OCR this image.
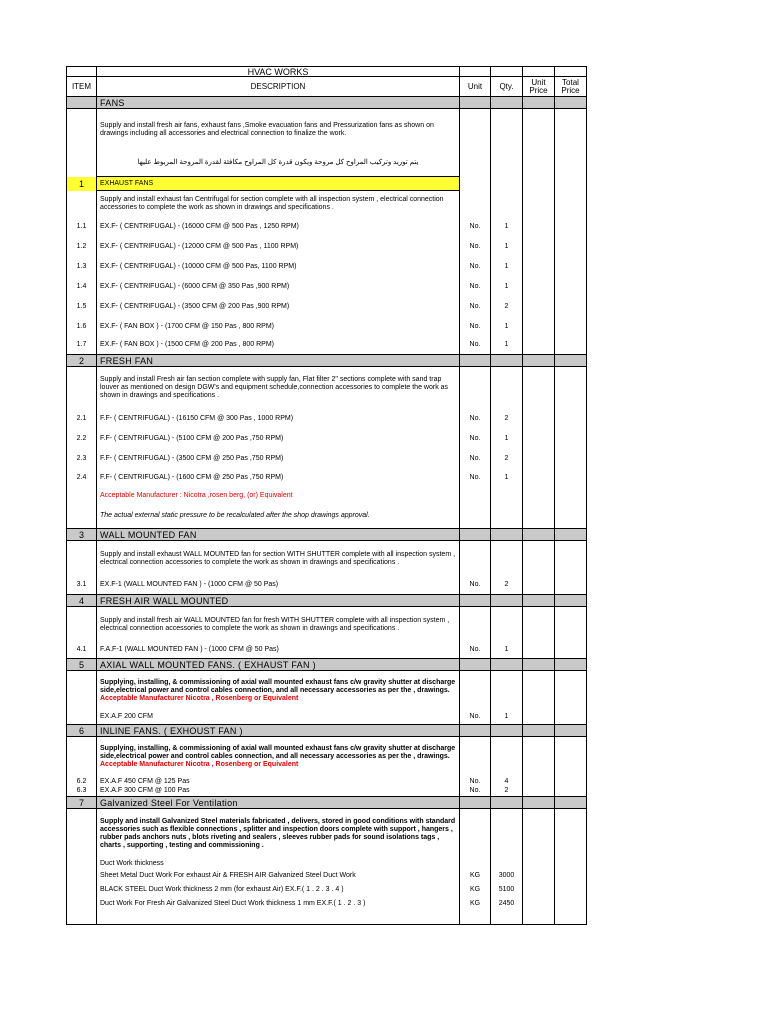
	HVAC WORKS				
ITEM	DESCRIPTION	Unit	Qty.	Unit Price	Total Price
	FANS				
	Supply and install fresh air fans, exhaust fans ,Smoke evacuation fans and Pressurization fans as shown on drawings including all accessories and electrical connection to finalize the work.				
	يتم توريد وتركيب المراوح كل مروحة ويكون قدرة كل المراوح مكافئة لقدرة المروحة المربوط عليها				
1	EXHAUST FANS				
	Supply and install exhaust fan Centrifugal for section complete with all inspection system , electrical connection accessories to complete the work as shown in drawings and specifications .				
1.1	EX.F- ( CENTRIFUGAL) - (16000 CFM @ 500 Pas , 1250 RPM)	No.	1		
1.2	EX.F- ( CENTRIFUGAL) - (12000 CFM @ 500 Pas , 1100 RPM)	No.	1		
1.3	EX.F- ( CENTRIFUGAL) - (10000 CFM @ 500 Pas, 1100 RPM)	No.	1		
1.4	EX.F- ( CENTRIFUGAL) - (6000 CFM @ 350 Pas ,900 RPM)	No.	1		
1.5	EX.F- ( CENTRIFUGAL) - (3500 CFM @ 200 Pas ,900 RPM)	No.	2		
1.6	EX.F- ( FAN BOX ) - (1700 CFM @ 150 Pas , 800 RPM)	No.	1		
1.7	EX.F- ( FAN BOX ) - (1500 CFM @ 200 Pas , 800 RPM)	No.	1		
2	FRESH FAN				
	Supply and install Fresh air fan section complete with supply fan, Flat filter 2" sections complete with sand trap louver as mentioned on design DGW's and equipment schedule,connection accessories to complete the work as shown in drawings and specifications .				
2.1	F.F- ( CENTRIFUGAL) - (16150 CFM @ 300 Pas , 1000 RPM)	No.	2		
2.2	F.F- ( CENTRIFUGAL) - (5100 CFM @ 200 Pas ,750 RPM)	No.	1		
2.3	F.F- ( CENTRIFUGAL) - (3500 CFM @ 250 Pas ,750 RPM)	No.	2		
2.4	F.F- ( CENTRIFUGAL) - (1600 CFM @ 250 Pas ,750 RPM)	No.	1		
	Acceptable Manufacturer : Nicotra ,rosen berg, (or) Equivalent				
	The actual external static pressure to be recalculated after the shop drawings approval.				
3	WALL MOUNTED FAN				
	Supply and install exhaust WALL MOUNTED fan for section WITH SHUTTER complete with all inspection system , electrical connection accessories to complete the work as shown in drawings and specifications .				
3.1	EX.F-1 (WALL MOUNTED FAN ) - (1000 CFM @ 50 Pas)	No.	2		
4	FRESH AIR WALL MOUNTED				
	Supply and install fresh air WALL MOUNTED fan for fresh WITH SHUTTER complete with all inspection system , electrical connection accessories to complete the work as shown in drawings and specifications .				
4.1	F.A.F-1 (WALL MOUNTED FAN ) - (1000 CFM @ 50 Pas)	No.	1		
5	AXIAL WALL MOUNTED FANS. ( EXHAUST FAN )				
	Supplying, installing, & commissioning of axial wall mounted exhaust fans c/w gravity shutter at discharge side,electrical power and control cables connection, and all necessary accessories as per the , drawings. Acceptable Manufacturer Nicotra , Rosenberg or Equivalent				
	EX.A.F 200 CFM	No.	1		
6	INLINE FANS. ( EXHOUST FAN )				
	Supplying, installing, & commissioning of axial wall mounted exhaust fans c/w gravity shutter at discharge side,electrical power and control cables connection, and all necessary accessories as per the , drawings. Acceptable Manufacturer Nicotra , Rosenberg or Equivalent				
6.2	EX.A.F 450 CFM @ 125 Pas	No.	4		
6.3	EX.A.F 300 CFM @ 100 Pas	No.	2		
7	Galvanized Steel For Ventilation				
	Supply and install Galvanized Steel materials fabricated , delivers, stored in good conditions with standard accessories such as flexible connections , splitter and inspection doors complete with support , hangers , rubber pads anchors nuts , blots riveting and sealers , sleeves rubber pads for sound isolations tags , charts , supporting , testing and commissioning .				
	Duct Work thickness				
	Sheet Metal Duct Work For exhaust Air & FRESH AIR Galvanized Steel Duct Work	KG	3000		
	BLACK STEEL Duct Work thickness 2 mm (for exhaust Air) EX.F.( 1 . 2 . 3 . 4 )	KG	5100		
	Duct Work For Fresh Air Galvanized Steel Duct Work thickness 1 mm EX.F.( 1 . 2 . 3 )	KG	2450		
